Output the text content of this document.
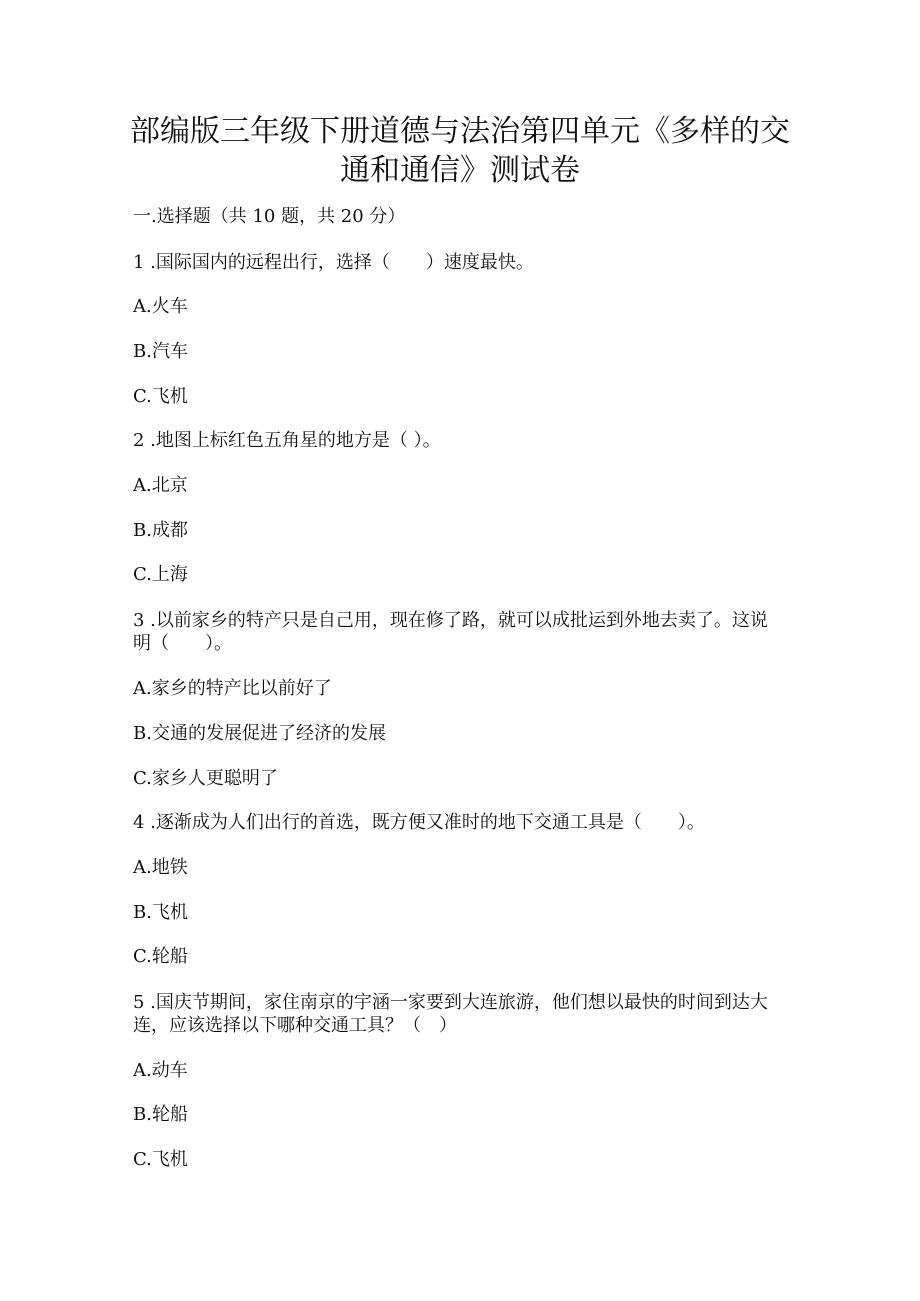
部编版三年级下册道德与法治第四单元《多样的交通和通信》测试卷

一.选择题（共 10 题，共 20 分）

1 .国际国内的远程出行，选择（　　）速度最快。

A.火车

B.汽车

C.飞机

2 .地图上标红色五角星的地方是（ ）。

A.北京

B.成都

C.上海

3 .以前家乡的特产只是自己用，现在修了路，就可以成批运到外地去卖了。这说明（　　）。

A.家乡的特产比以前好了

B.交通的发展促进了经济的发展

C.家乡人更聪明了

4 .逐渐成为人们出行的首选，既方便又准时的地下交通工具是（　　）。

A.地铁

B.飞机

C.轮船

5 .国庆节期间，家住南京的宇涵一家要到大连旅游，他们想以最快的时间到达大连，应该选择以下哪种交通工具？（　）

A.动车

B.轮船

C.飞机
